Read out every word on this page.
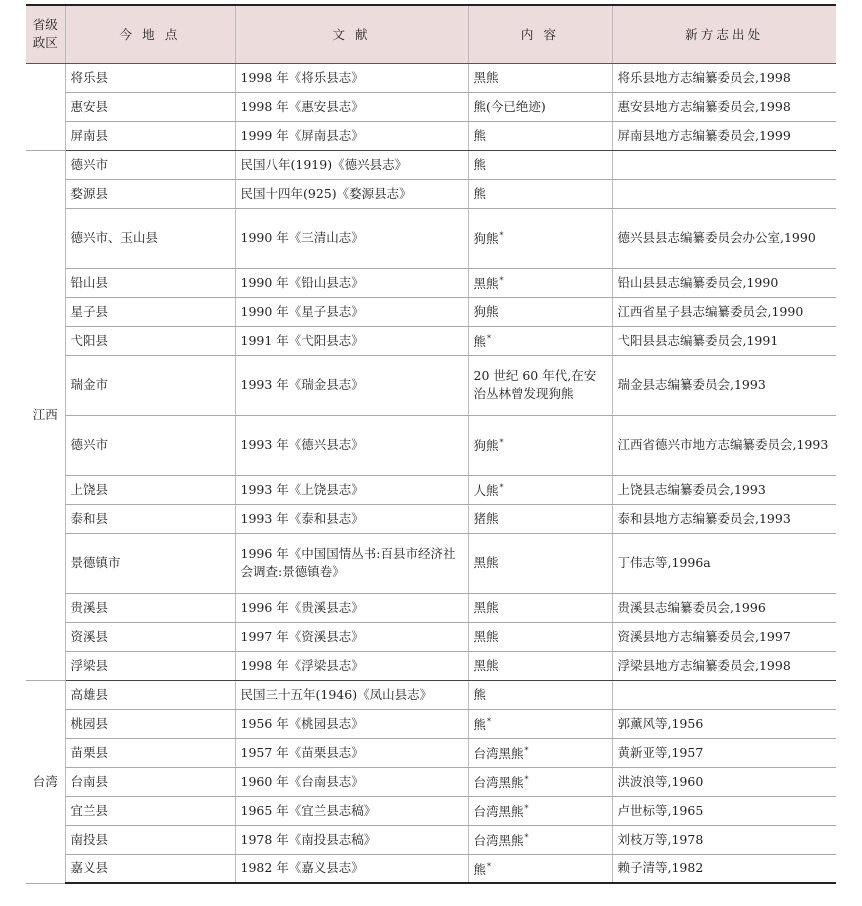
省级政区	今 地 点	文 献	内 容	新方志出处
	将乐县	1998 年《将乐县志》	黑熊	将乐县地方志编纂委员会,1998
	惠安县	1998 年《惠安县志》	熊(今已绝迹)	惠安县地方志编纂委员会,1998
	屏南县	1999 年《屏南县志》	熊	屏南县地方志编纂委员会,1999
江西	德兴市	民国八年(1919)《德兴县志》	熊	
	婺源县	民国十四年(925)《婺源县志》	熊	
	德兴市、玉山县	1990 年《三清山志》	狗熊*	德兴县县志编纂委员会办公室,1990
	铅山县	1990 年《铅山县志》	黑熊*	铅山县县志编纂委员会,1990
	星子县	1990 年《星子县志》	狗熊	江西省星子县志编纂委员会,1990
	弋阳县	1991 年《弋阳县志》	熊*	弋阳县县志编纂委员会,1991
	瑞金市	1993 年《瑞金县志》	20 世纪 60 年代,在安治丛林曾发现狗熊	瑞金县志编纂委员会,1993
	德兴市	1993 年《德兴县志》	狗熊*	江西省德兴市地方志编纂委员会,1993
	上饶县	1993 年《上饶县志》	人熊*	上饶县志编纂委员会,1993
	泰和县	1993 年《泰和县志》	猪熊	泰和县地方志编纂委员会,1993
	景德镇市	1996 年《中国国情丛书:百县市经济社会调查:景德镇卷》	黑熊	丁伟志等,1996a
	贵溪县	1996 年《贵溪县志》	黑熊	贵溪县志编纂委员会,1996
	资溪县	1997 年《资溪县志》	黑熊	资溪县地方志编纂委员会,1997
	浮梁县	1998 年《浮梁县志》	黑熊	浮梁县地方志编纂委员会,1998
台湾	高雄县	民国三十五年(1946)《凤山县志》	熊	
	桃园县	1956 年《桃园县志》	熊*	郭薰风等,1956
	苗栗县	1957 年《苗栗县志》	台湾黑熊*	黄新亚等,1957
	台南县	1960 年《台南县志》	台湾黑熊*	洪波浪等,1960
	宜兰县	1965 年《宜兰县志稿》	台湾黑熊*	卢世标等,1965
	南投县	1978 年《南投县志稿》	台湾黑熊*	刘枝万等,1978
	嘉义县	1982 年《嘉义县志》	熊*	赖子清等,1982
